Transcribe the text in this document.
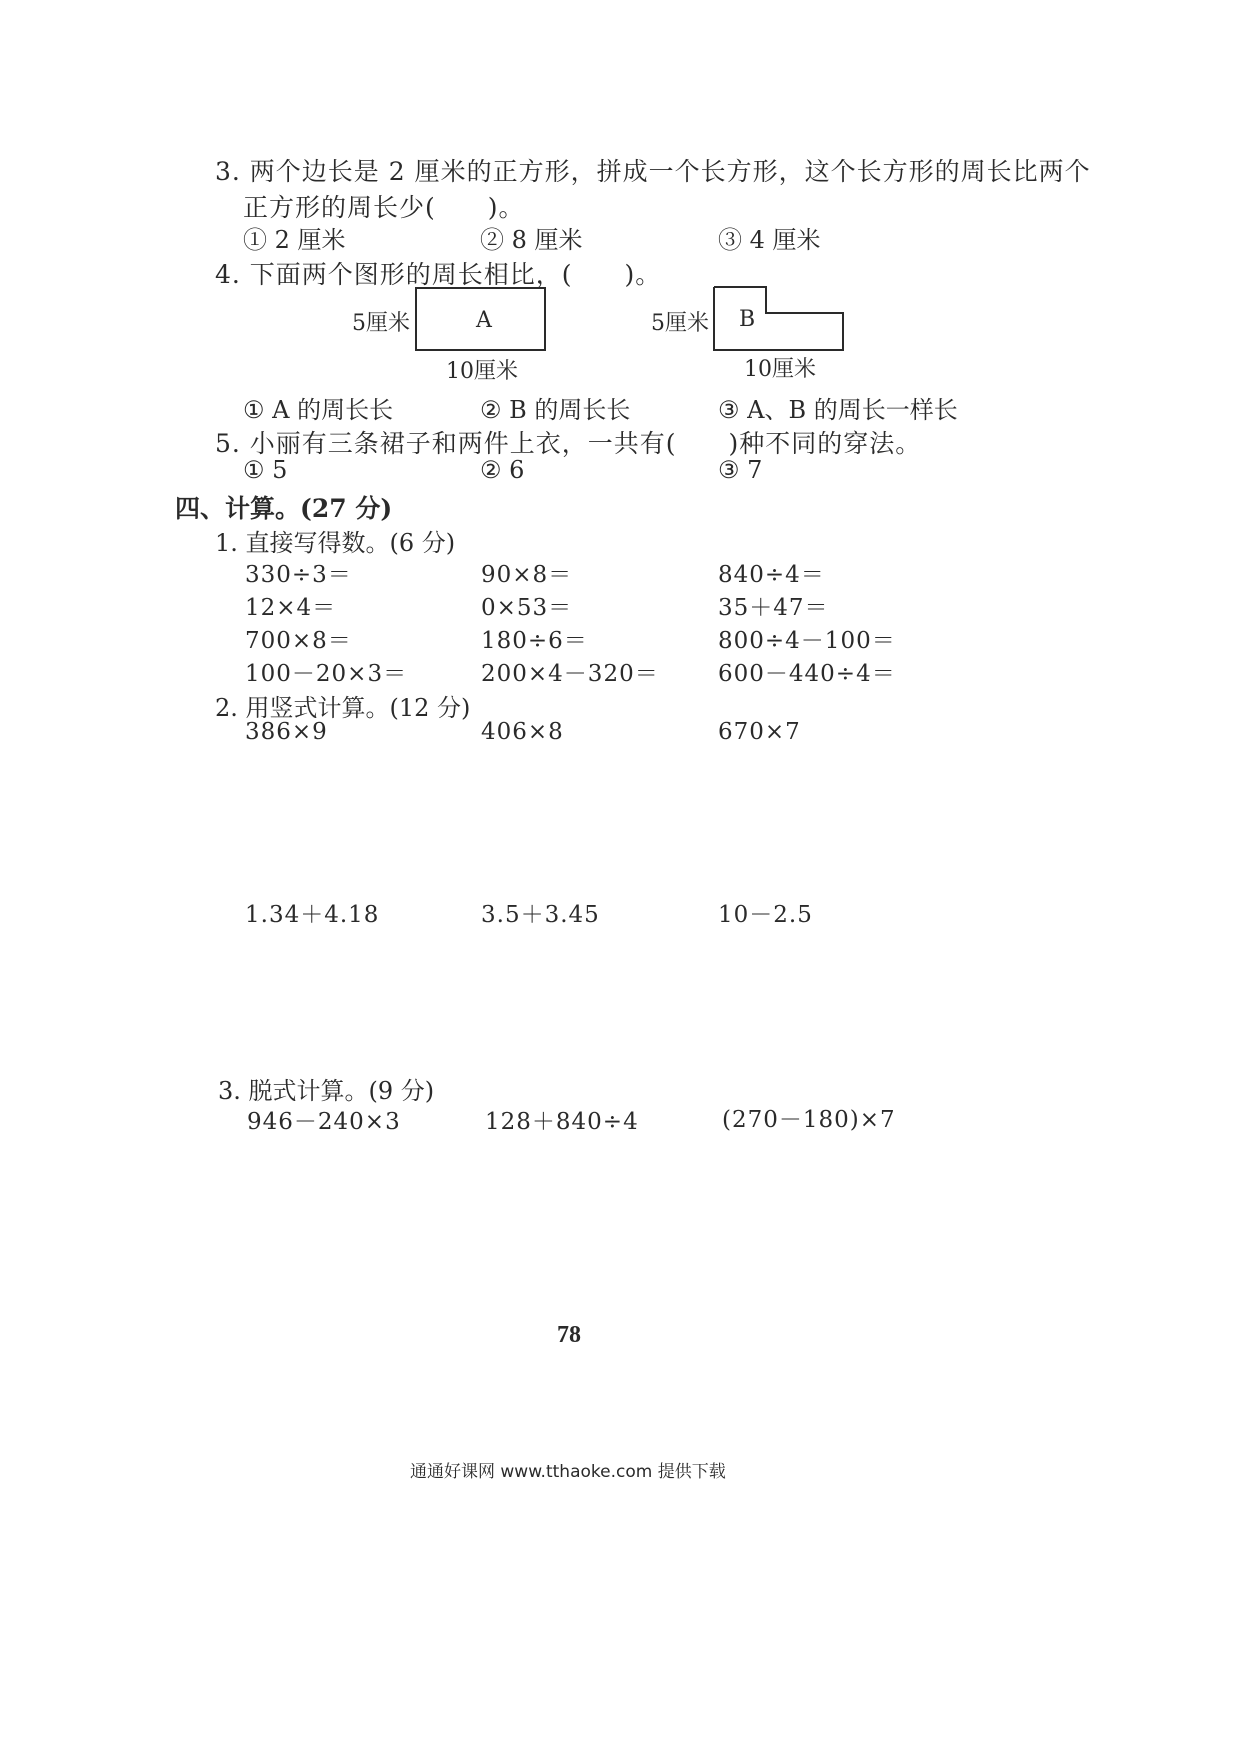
3. 两个边长是 2 厘米的正方形，拼成一个长方形，这个长方形的周长比两个
正方形的周长少(　　)。
① 2 厘米	② 8 厘米	③ 4 厘米
4. 下面两个图形的周长相比，(　　)。
A
5厘米
10厘米
B
5厘米
10厘米
① A 的周长长	② B 的周长长	③ A、B 的周长一样长
5. 小丽有三条裙子和两件上衣，一共有(　　)种不同的穿法。
① 5	② 6	③ 7
四、计算。(27 分)
1. 直接写得数。(6 分)
330÷3＝	90×8＝	840÷4＝
12×4＝	0×53＝	35＋47＝
700×8＝	180÷6＝	800÷4－100＝
100－20×3＝	200×4－320＝	600－440÷4＝
2. 用竖式计算。(12 分)
386×9	406×8	670×7
1.34＋4.18	3.5＋3.45	10－2.5
3. 脱式计算。(9 分)
946－240×3	128＋840÷4	(270－180)×7
78
通通好课网 www.tthaoke.com 提供下载
